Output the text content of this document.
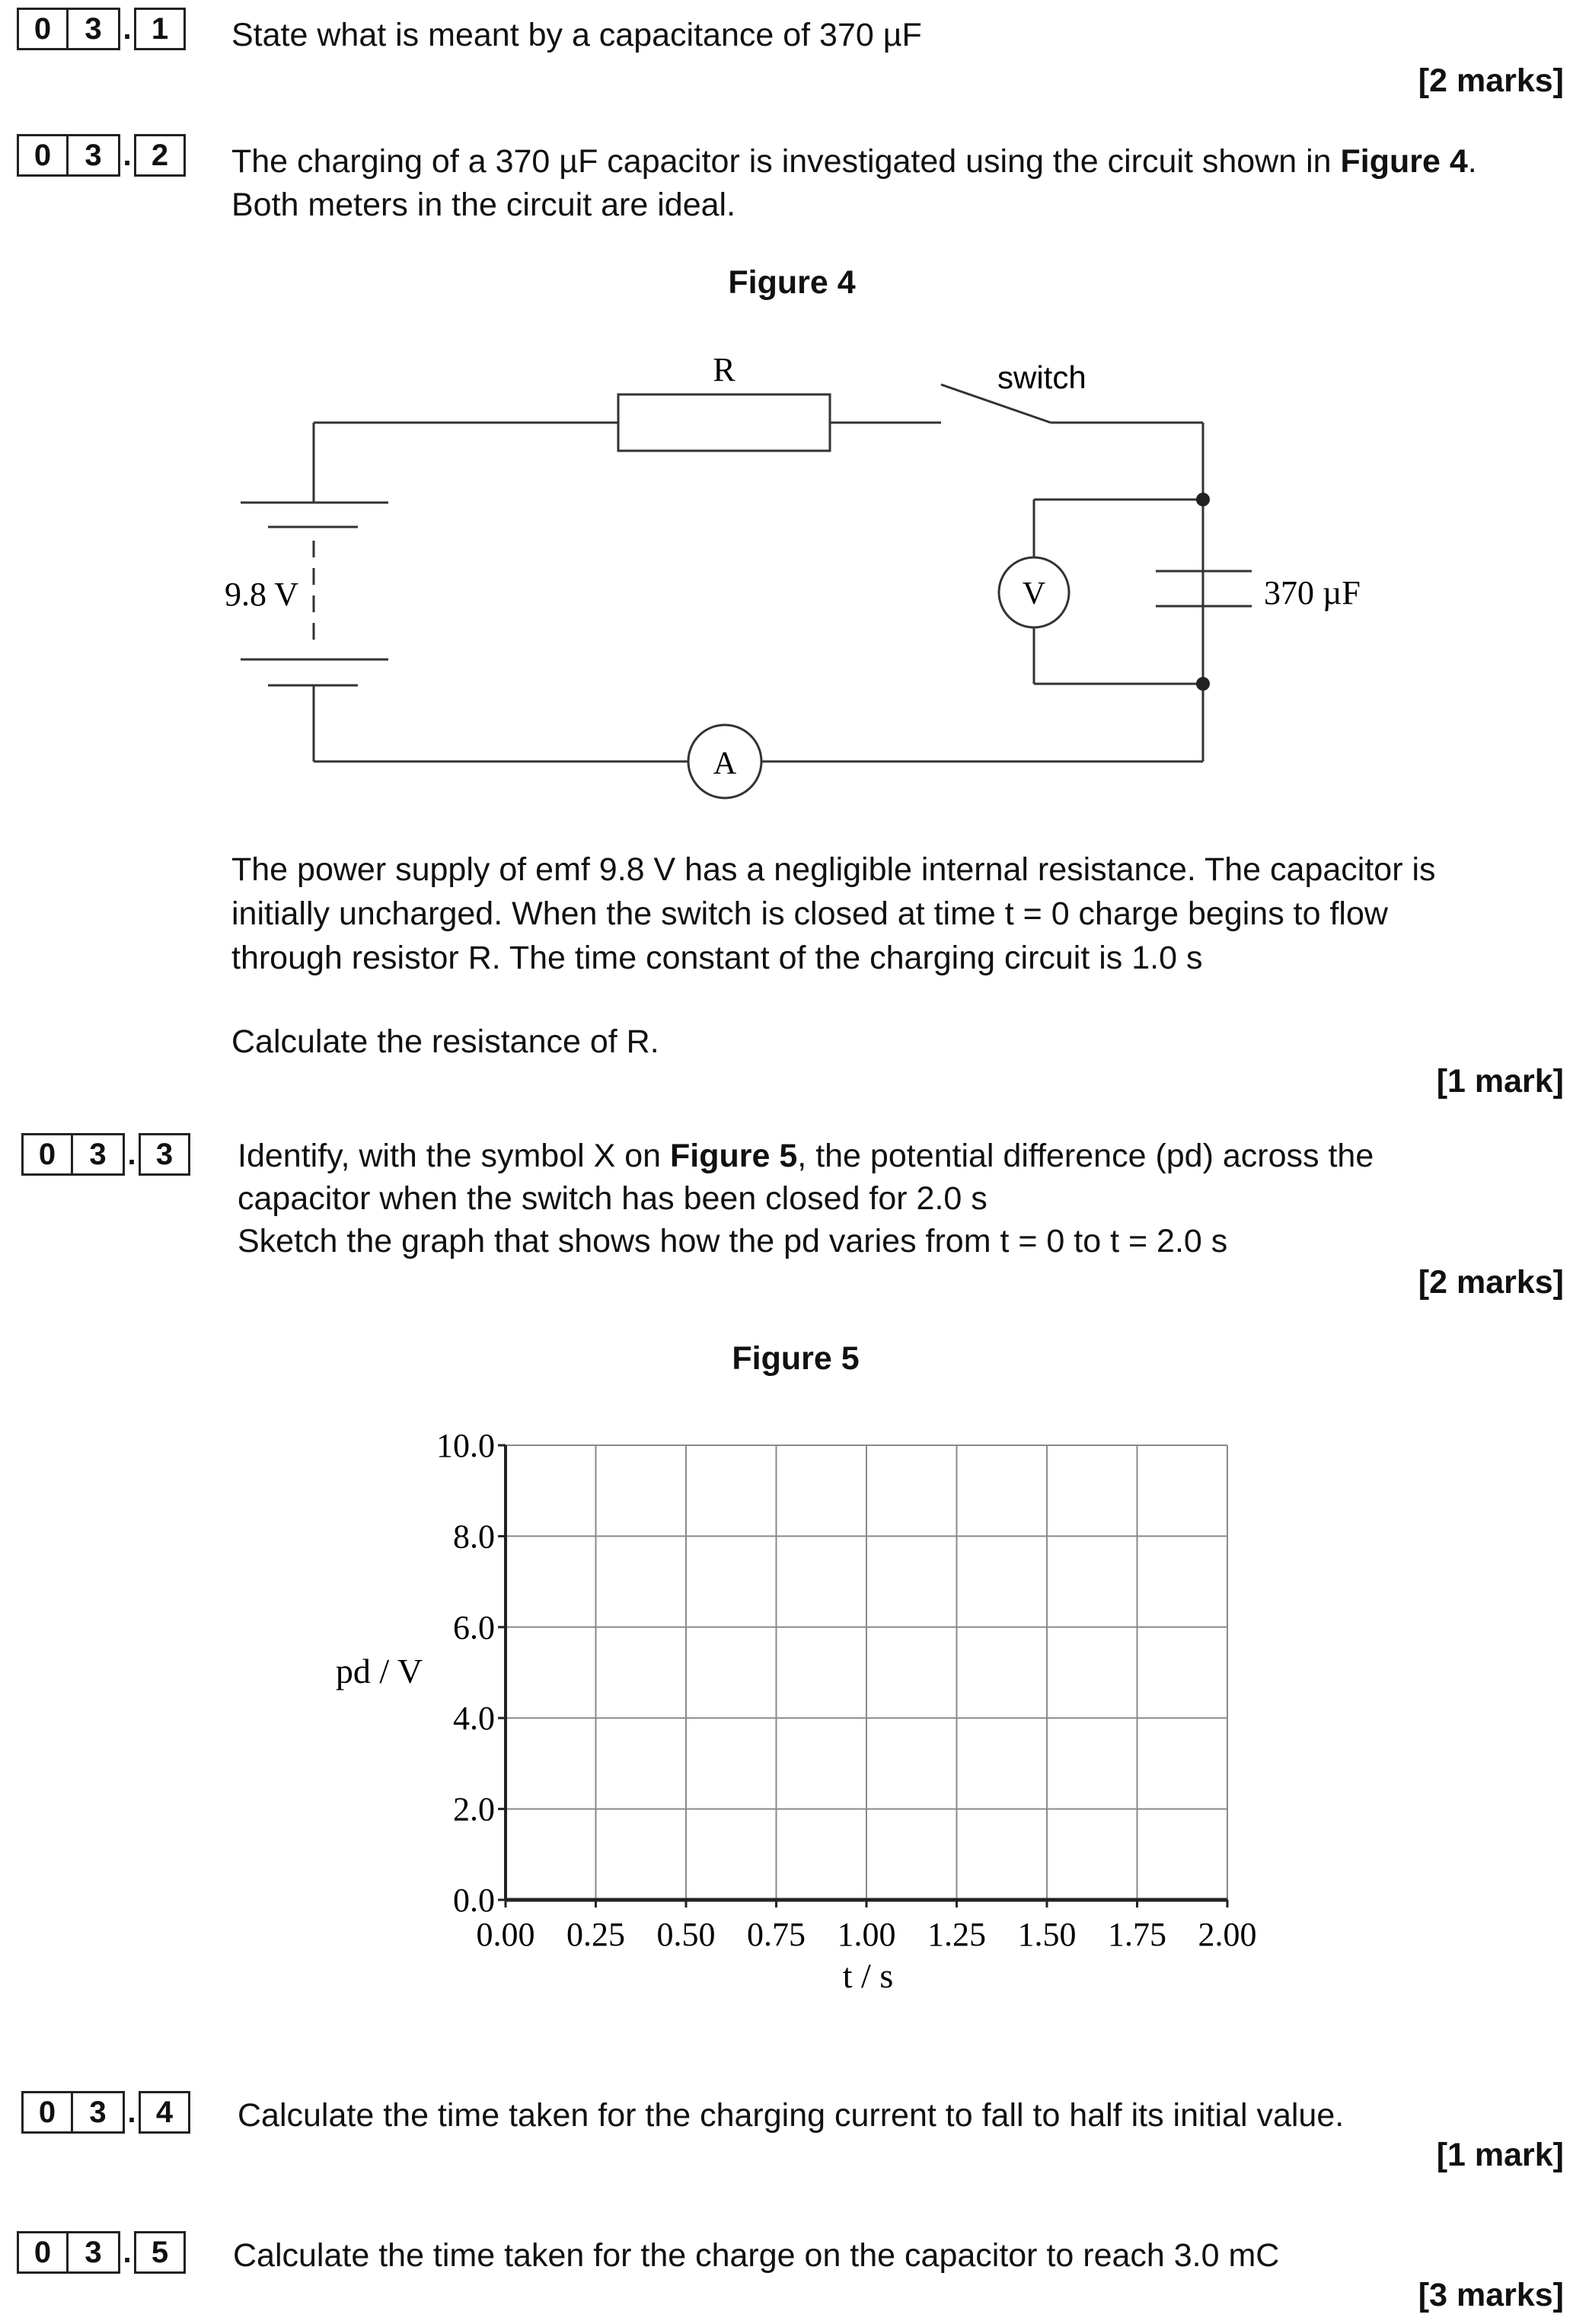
0	3 . 1	State what is meant by a capacitance of 370 µF
[2 marks]
0	3 . 2	The charging of a 370 µF capacitor is investigated using the circuit shown in Figure 4.
Both meters in the circuit are ideal.
Figure 4
R	switch
9.8 V	V
A
370 µF
The power supply of emf 9.8 V has a negligible internal resistance. The capacitor is
initially uncharged. When the switch is closed at time t = 0 charge begins to flow
through resistor R. The time constant of the charging circuit is 1.0 s
Calculate the resistance of R.
[1 mark]
0	3 . 3	Identify, with the symbol X on Figure 5, the potential difference (pd) across the
capacitor when the switch has been closed for 2.0 s
Sketch the graph that shows how the pd varies from t = 0 to t = 2.0 s
[2 marks]
Figure 5
0.00 0.25 0.50 0.75 1.00 1.25 1.50 1.75 2.00
0.0
2.0
4.0
6.0
8.0
10.0
pd / V
t / s
0	3 . 4	Calculate the time taken for the charging current to fall to half its initial value.
[1 mark]
0	3 . 5	Calculate the time taken for the charge on the capacitor to reach 3.0 mC
[3 marks]
